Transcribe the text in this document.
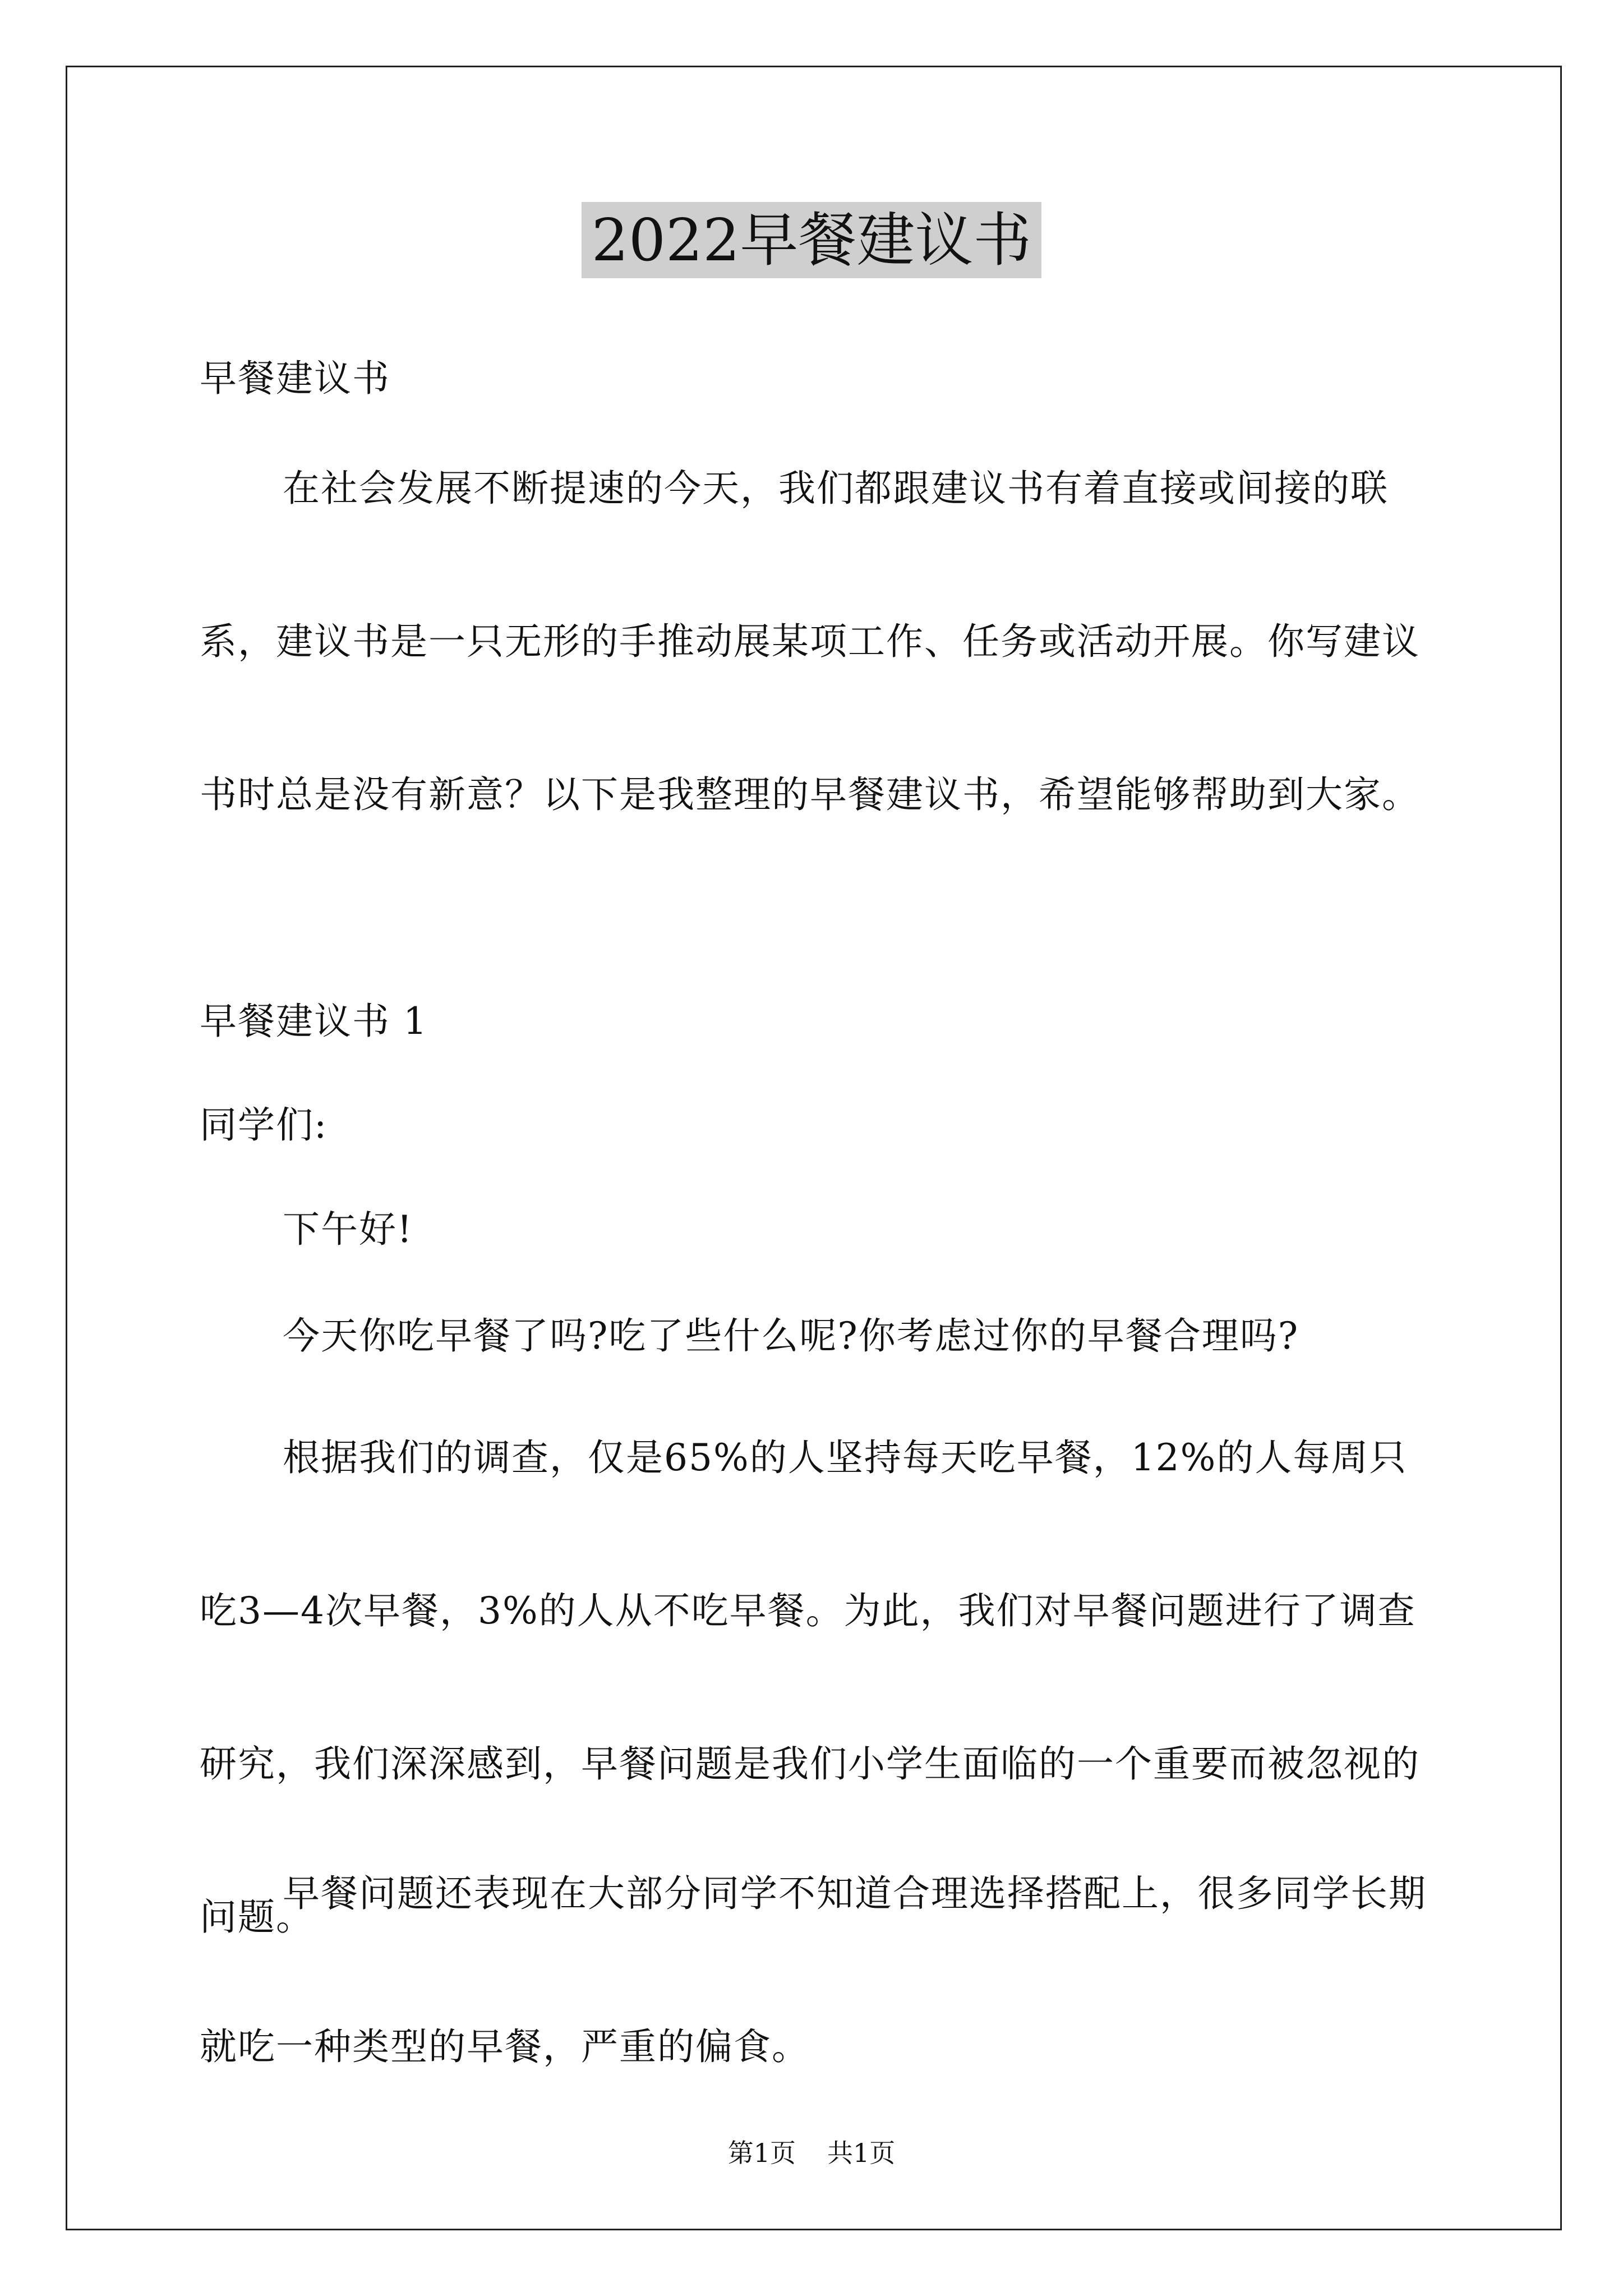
2022早餐建议书
早餐建议书
在社会发展不断提速的今天，我们都跟建议书有着直接或间接的联系，建议书是一只无形的手推动展某项工作、任务或活动开展。你写建议书时总是没有新意？以下是我整理的早餐建议书，希望能够帮助到大家。
早餐建议书 1
同学们:
下午好!
今天你吃早餐了吗?吃了些什么呢?你考虑过你的早餐合理吗?
根据我们的调查，仅是65%的人坚持每天吃早餐，12%的人每周只吃3—4次早餐，3%的人从不吃早餐。为此，我们对早餐问题进行了调查研究，我们深深感到，早餐问题是我们小学生面临的一个重要而被忽视的问题。
早餐问题还表现在大部分同学不知道合理选择搭配上，很多同学长期就吃一种类型的早餐，严重的偏食。
第1页 共1页
